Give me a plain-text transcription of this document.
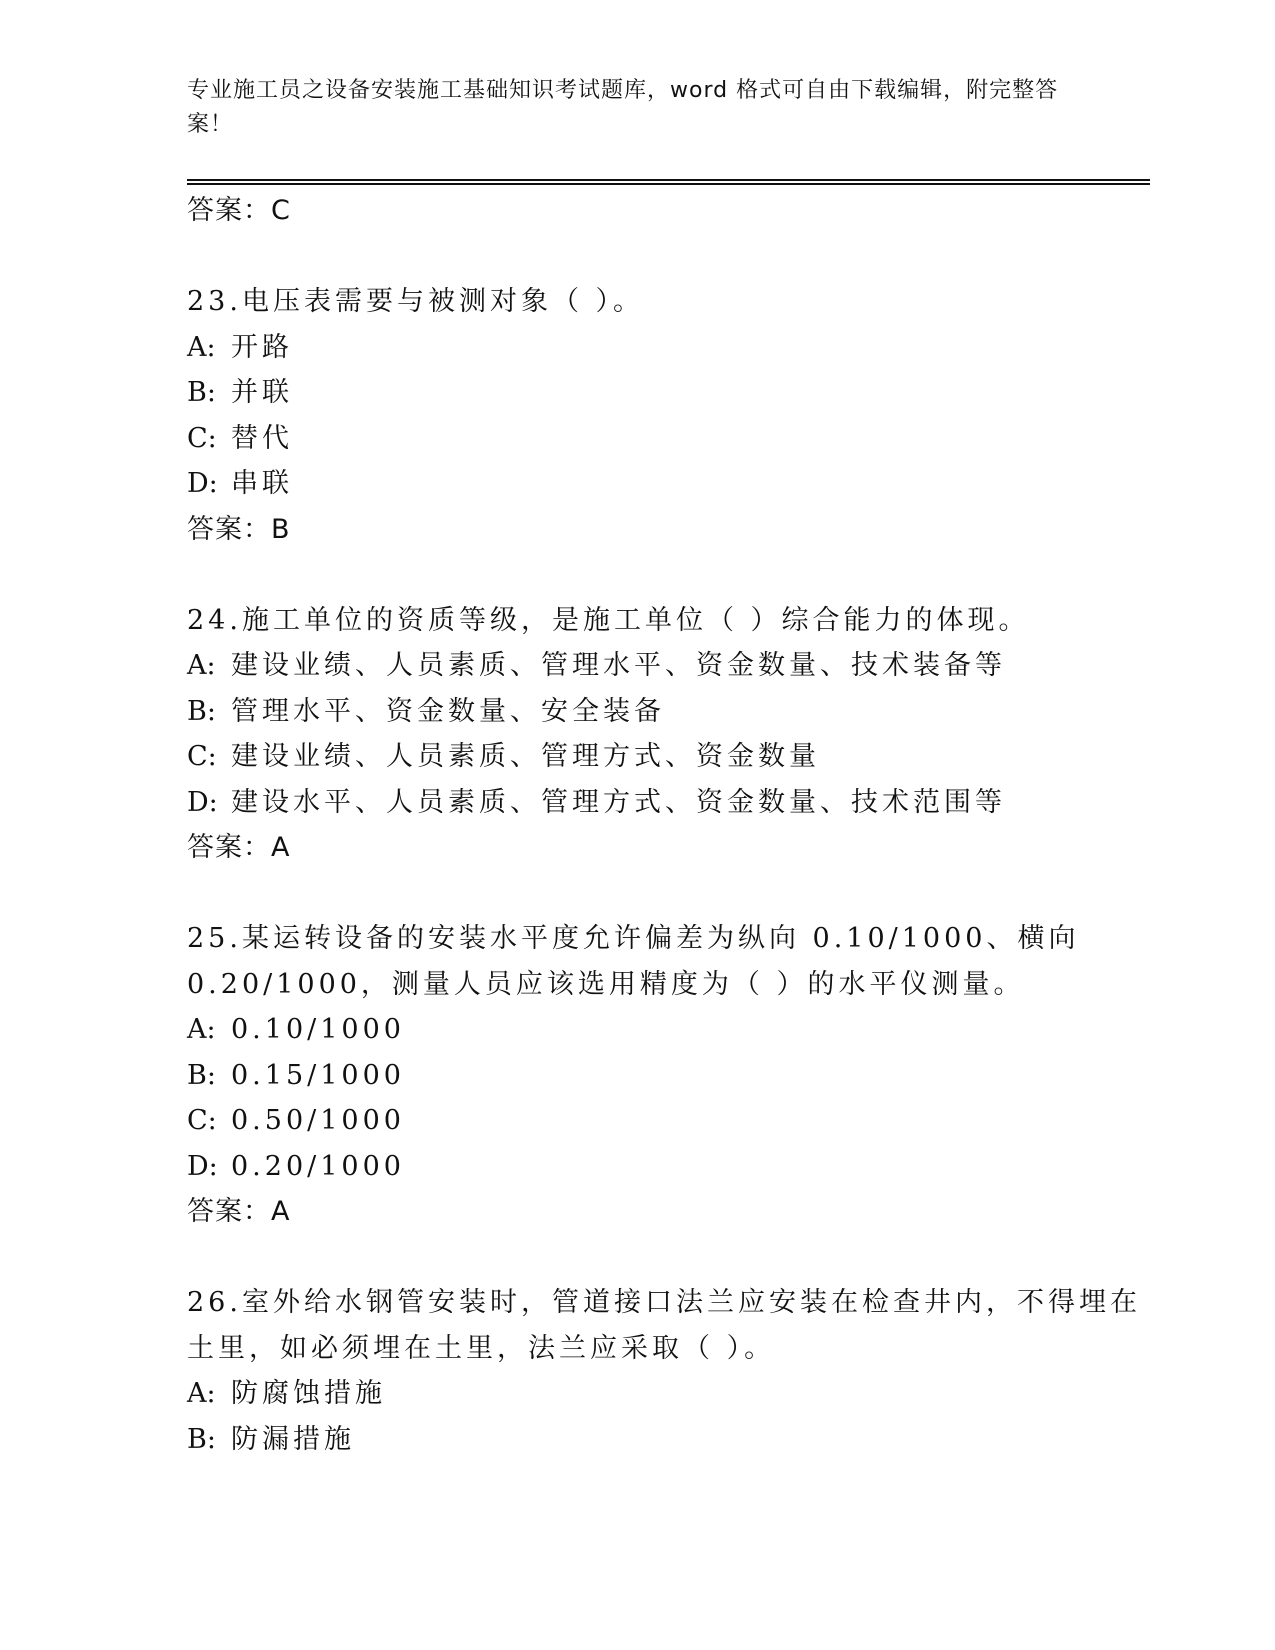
专业施工员之设备安装施工基础知识考试题库，word 格式可自由下载编辑，附完整答案！

答案：C

23.电压表需要与被测对象（ ）。

A: 开路

B: 并联

C: 替代

D: 串联

答案：B

24.施工单位的资质等级，是施工单位（ ）综合能力的体现。

A: 建设业绩、人员素质、管理水平、资金数量、技术装备等

B: 管理水平、资金数量、安全装备

C: 建设业绩、人员素质、管理方式、资金数量

D: 建设水平、人员素质、管理方式、资金数量、技术范围等

答案：A

25.某运转设备的安装水平度允许偏差为纵向 0.10/1000、横向 0.20/1000，测量人员应该选用精度为（ ）的水平仪测量。

A: 0.10/1000

B: 0.15/1000

C: 0.50/1000

D: 0.20/1000

答案：A

26.室外给水钢管安装时，管道接口法兰应安装在检查井内，不得埋在土里，如必须埋在土里，法兰应采取（ ）。

A: 防腐蚀措施

B: 防漏措施
